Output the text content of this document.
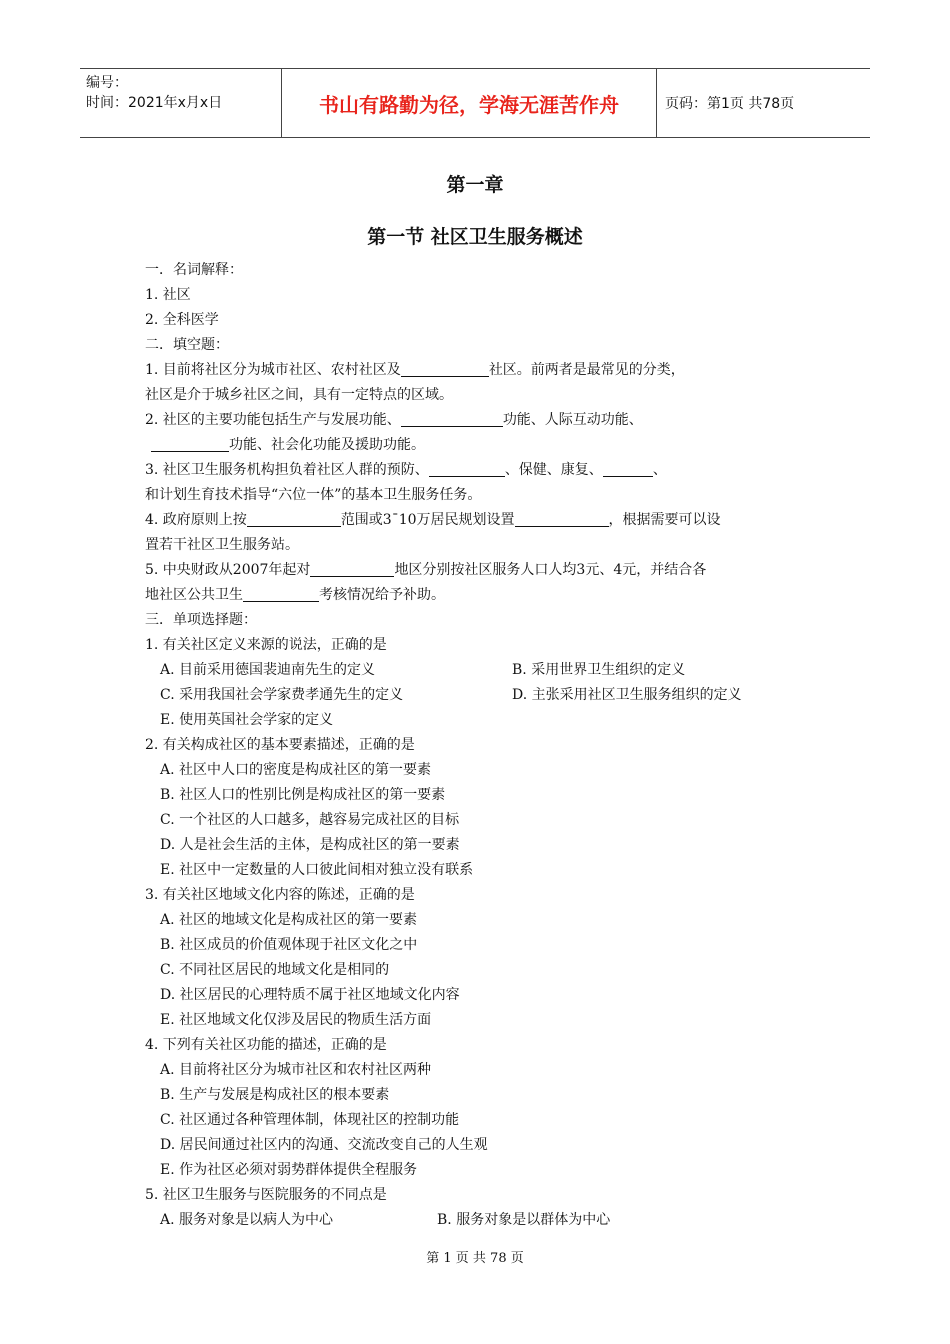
编号：
时间：2021年x月x日	书山有路勤为径，学海无涯苦作舟	页码：第1页 共78页
第一章
第一节 社区卫生服务概述
一．名词解释：
1. 社区
2. 全科医学
二．填空题：
1. 目前将社区分为城市社区、农村社区及	社区。前两者是最常见的分类，
社区是介于城乡社区之间，具有一定特点的区域。
2. 社区的主要功能包括生产与发展功能、	功能、人际互动功能、
功能、社会化功能及援助功能。
3. 社区卫生服务机构担负着社区人群的预防、	、保健、康复、	、
和计划生育技术指导“六位一体”的基本卫生服务任务。
4. 政府原则上按	范围或3¯10万居民规划设置	，根据需要可以设
置若干社区卫生服务站。
5. 中央财政从2007年起对	地区分别按社区服务人口人均3元、4元，并结合各
地社区公共卫生	考核情况给予补助。
三．单项选择题：
1. 有关社区定义来源的说法，正确的是
A. 目前采用德国裴迪南先生的定义	B. 采用世界卫生组织的定义
C. 采用我国社会学家费孝通先生的定义	D. 主张采用社区卫生服务组织的定义
E. 使用英国社会学家的定义
2. 有关构成社区的基本要素描述，正确的是
A. 社区中人口的密度是构成社区的第一要素
B. 社区人口的性别比例是构成社区的第一要素
C. 一个社区的人口越多，越容易完成社区的目标
D. 人是社会生活的主体，是构成社区的第一要素
E. 社区中一定数量的人口彼此间相对独立没有联系
3. 有关社区地域文化内容的陈述，正确的是
A. 社区的地域文化是构成社区的第一要素
B. 社区成员的价值观体现于社区文化之中
C. 不同社区居民的地域文化是相同的
D. 社区居民的心理特质不属于社区地域文化内容
E. 社区地域文化仅涉及居民的物质生活方面
4. 下列有关社区功能的描述，正确的是
A. 目前将社区分为城市社区和农村社区两种
B. 生产与发展是构成社区的根本要素
C. 社区通过各种管理体制，体现社区的控制功能
D. 居民间通过社区内的沟通、交流改变自己的人生观
E. 作为社区必须对弱势群体提供全程服务
5. 社区卫生服务与医院服务的不同点是
A. 服务对象是以病人为中心	B. 服务对象是以群体为中心
第 1 页 共 78 页
